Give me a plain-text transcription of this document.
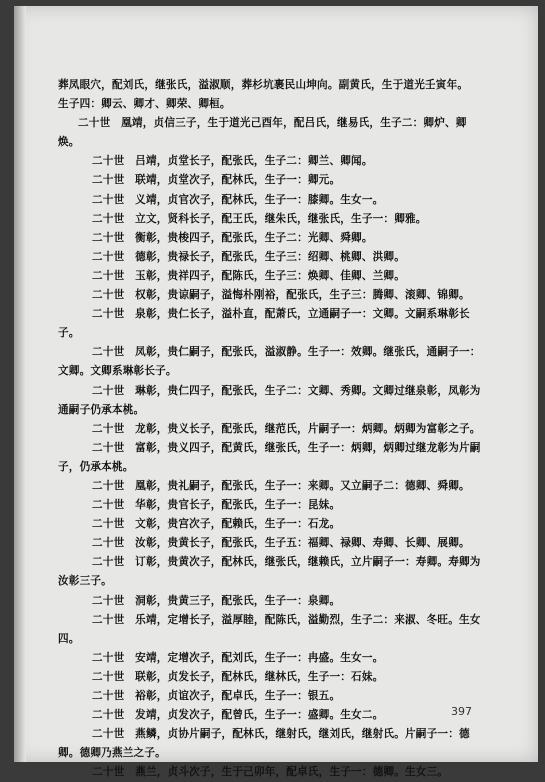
葬凤眼穴，配刘氏，继张氏，溢淑顺，葬杉坑裹民山坤向。副黄氏，生于道光壬寅年。
生子四：卿云、卿才、卿荣、卿桓。
二十世　凰靖，贞信三子，生于道光己酉年，配吕氏，继易氏，生子二：卿炉、卿
焕。
二十世　吕靖，贞堂长子，配张氏，生子二：卿兰、卿闻。
二十世　联靖，贞堂次子，配林氏，生子一：卿元。
二十世　义靖，贞官次子，配林氏，生子一：膝卿。生女一。
二十世　立文，贤科长子，配王氏，继朱氏，继张氏，生子一：卿雅。
二十世　衡彰，贵梭四子，配张氏，生子二：光卿、舜卿。
二十世　德彰，贵禄长子，配张氏，生子三：绍卿、桃卿、洪卿。
二十世　玉彰，贵祥四子，配陈氏，生子三：焕卿、佳卿、兰卿。
二十世　权彰，贵谅嗣子，溢悔朴刚裕，配张氏，生子三：腾卿、滚卿、锦卿。
二十世　泉彰，贵仁长子，溢朴直，配萧氏，立通嗣子一：文卿。文嗣系琳彰长
子。
二十世　凤彰，贵仁嗣子，配张氏，溢淑静。生子一：效卿。继张氏，通嗣子一：
文卿。文卿系琳彰长子。
二十世　琳彰，贵仁四子，配张氏，生子二：文卿、秀卿。文卿过继泉彰，凤彰为
通嗣子仍承本桃。
二十世　龙彰，贵义长子，配张氏，继范氏，片嗣子一：炳卿。炳卿为富彰之子。
二十世　富彰，贵义四子，配黄氏，继张氏，生子一：炳卿，炳卿过继龙彰为片嗣
子，仍承本桃。
二十世　凰彰，贵礼嗣子，配张氏，生子一：来卿。又立嗣子二：德卿、舜卿。
二十世　华彰，贵官长子，配张氏，生子一：昆妹。
二十世　文彰，贵宫次子，配赖氏，生子一：石龙。
二十世　汝彰，贵黄长子，配张氏，生子五：福卿、禄卿、寿卿、长卿、展卿。
二十世　订彰，贵黄次子，配林氏，继张氏，继赖氏，立片嗣子一：寿卿。寿卿为
汝彰三子。
二十世　洞彰，贵黄三子，配张氏，生子一：泉卿。
二十世　乐靖，定增长子，溢厚睦，配陈氏，溢勤烈，生子二：来淑、冬旺。生女
四。
二十世　安靖，定增次子，配刘氏，生子一：冉盛。生女一。
二十世　联彰，贞发长子，配林氏，继林氏，生子一：石妹。
二十世　裕彰，贞谊次子，配卓氏，生子一：银五。
二十世　发靖，贞发次子，配曾氏，生子一：盛卿。生女二。
二十世　燕鳞，贞协片嗣子，配林氏，继射氏，继刘氏，继射氏。片嗣子一：德
卿。德卿乃燕兰之子。
二十世　燕兰，贞斗次子，生于己卯年，配卓氏，生子一：德卿。生女三。
397
